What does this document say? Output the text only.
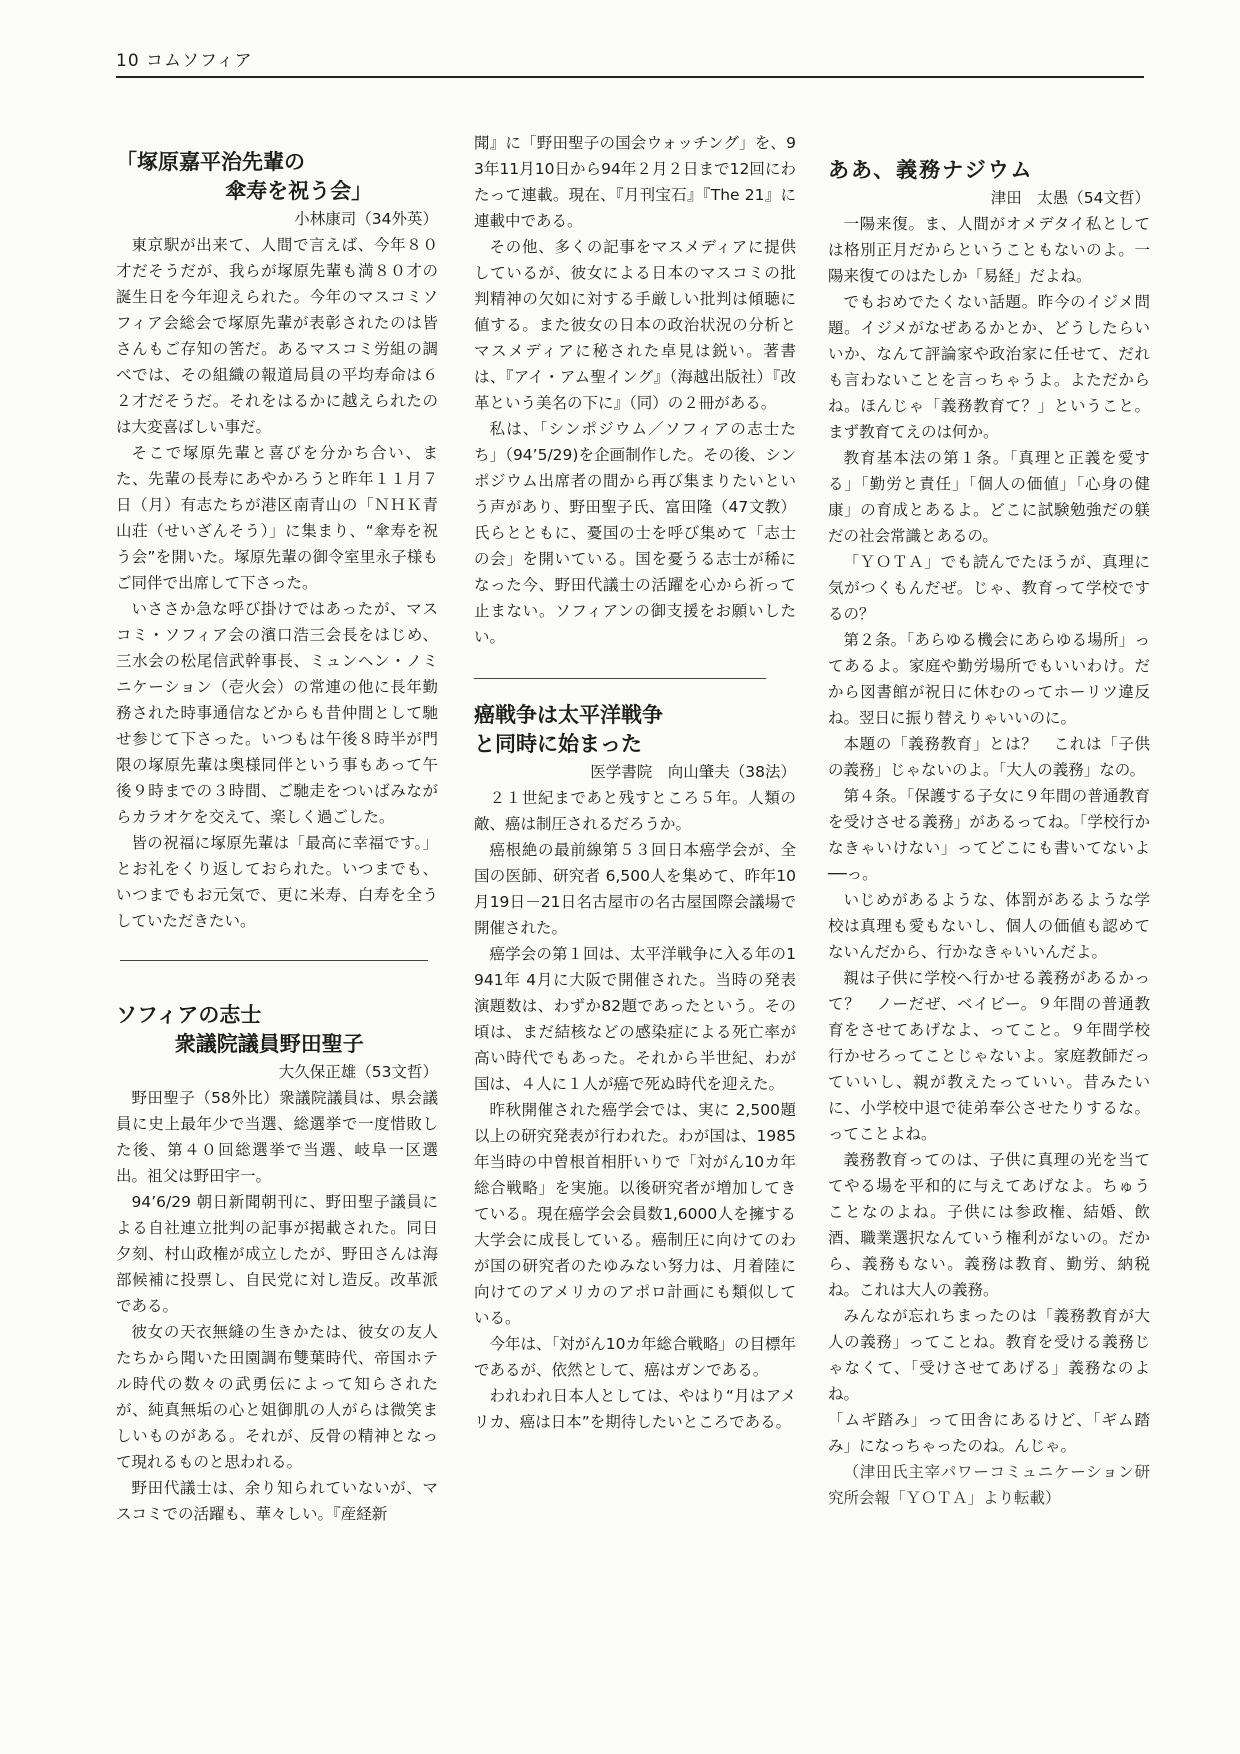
10 コムソフィア
「塚原嘉平治先輩の
傘寿を祝う会」

小林康司（34外英）

東京駅が出来て、人間で言えば、今年８０才だそうだが、我らが塚原先輩も満８０才の誕生日を今年迎えられた。今年のマスコミソフィア会総会で塚原先輩が表彰されたのは皆さんもご存知の筈だ。あるマスコミ労組の調べでは、その組織の報道局員の平均寿命は６２才だそうだ。それをはるかに越えられたのは大変喜ばしい事だ。

そこで塚原先輩と喜びを分かち合い、また、先輩の長寿にあやかろうと昨年１１月７日（月）有志たちが港区南青山の「ＮＨＫ青山荘（せいざんそう）」に集まり、“傘寿を祝う会”を開いた。塚原先輩の御令室里永子様もご同伴で出席して下さった。

いささか急な呼び掛けではあったが、マスコミ・ソフィア会の濱口浩三会長をはじめ、三水会の松尾信武幹事長、ミュンヘン・ノミニケーション（壱火会）の常連の他に長年勤務された時事通信などからも昔仲間として馳せ参じて下さった。いつもは午後８時半が門限の塚原先輩は奥様同伴という事もあって午後９時までの３時間、ご馳走をついばみながらカラオケを交えて、楽しく過ごした。

皆の祝福に塚原先輩は「最高に幸福です。」とお礼をくり返しておられた。いつまでも、いつまでもお元気で、更に米寿、白寿を全うしていただきたい。

ソフィアの志士
衆議院議員野田聖子

大久保正雄（53文哲）

野田聖子（58外比）衆議院議員は、県会議員に史上最年少で当選、総選挙で一度惜敗した後、第４０回総選挙で当選、岐阜一区選出。祖父は野田宇一。

94’6/29 朝日新聞朝刊に、野田聖子議員による自社連立批判の記事が掲載された。同日夕刻、村山政権が成立したが、野田さんは海部候補に投票し、自民党に対し造反。改革派である。

彼女の天衣無縫の生きかたは、彼女の友人たちから聞いた田園調布雙葉時代、帝国ホテル時代の数々の武勇伝によって知らされたが、純真無垢の心と姐御肌の人がらは微笑ましいものがある。それが、反骨の精神となって現れるものと思われる。

野田代議士は、余り知られていないが、マスコミでの活躍も、華々しい。『産経新

聞』に「野田聖子の国会ウォッチング」を、93年11月10日から94年２月２日まで12回にわたって連載。現在、『月刊宝石』『The 21』に連載中である。

その他、多くの記事をマスメディアに提供しているが、彼女による日本のマスコミの批判精神の欠如に対する手厳しい批判は傾聴に値する。また彼女の日本の政治状況の分析とマスメディアに秘された卓見は鋭い。著書は、『アイ・アム聖イング』（海越出版社）『改革という美名の下に』（同）の２冊がある。

私は、「シンポジウム／ソフィアの志士たち」（94’5/29)を企画制作した。その後、シンポジウム出席者の間から再び集まりたいという声があり、野田聖子氏、富田隆（47文教）氏らとともに、憂国の士を呼び集めて「志士の会」を開いている。国を憂うる志士が稀になった今、野田代議士の活躍を心から祈って止まない。ソフィアンの御支援をお願いしたい。

癌戦争は太平洋戦争
と同時に始まった

医学書院　向山肇夫（38法）

２１世紀まであと残すところ５年。人類の敵、癌は制圧されるだろうか。

癌根絶の最前線第５３回日本癌学会が、全国の医師、研究者 6,500人を集めて、昨年10月19日－21日名古屋市の名古屋国際会議場で開催された。

癌学会の第１回は、太平洋戦争に入る年の1941年 4月に大阪で開催された。当時の発表演題数は、わずか82題であったという。その頃は、まだ結核などの感染症による死亡率が高い時代でもあった。それから半世紀、わが国は、４人に１人が癌で死ぬ時代を迎えた。

昨秋開催された癌学会では、実に 2,500題以上の研究発表が行われた。わが国は、1985年当時の中曽根首相肝いりで「対がん10カ年総合戦略」を実施。以後研究者が増加してきている。現在癌学会会員数1,6000人を擁する大学会に成長している。癌制圧に向けてのわが国の研究者のたゆみない努力は、月着陸に向けてのアメリカのアポロ計画にも類似している。

今年は、「対がん10カ年総合戦略」の目標年であるが、依然として、癌はガンである。

われわれ日本人としては、やはり“月はアメリカ、癌は日本”を期待したいところである。

ああ、義務ナジウム

津田　太愚（54文哲）

一陽来復。ま、人間がオメデタイ私としては格別正月だからということもないのよ。一陽来復てのはたしか「易経」だよね。

でもおめでたくない話題。昨今のイジメ問題。イジメがなぜあるかとか、どうしたらいいか、なんて評論家や政治家に任せて、だれも言わないことを言っちゃうよ。よただからね。ほんじゃ「義務教育て？」ということ。まず教育てえのは何か。

教育基本法の第１条。「真理と正義を愛する」「勤労と責任」「個人の価値」「心身の健康」の育成とあるよ。どこに試験勉強だの躾だの社会常識とあるの。

「ＹＯＴＡ」でも読んでたほうが、真理に気がつくもんだぜ。じゃ、教育って学校でするの？

第２条。「あらゆる機会にあらゆる場所」ってあるよ。家庭や勤労場所でもいいわけ。だから図書館が祝日に休むのってホーリツ違反ね。翌日に振り替えりゃいいのに。

本題の「義務教育」とは？　これは「子供の義務」じゃないのよ。「大人の義務」なの。

第４条。「保護する子女に９年間の普通教育を受けさせる義務」があるってね。「学校行かなきゃいけない」ってどこにも書いてないよ ──っ。

いじめがあるような、体罰があるような学校は真理も愛もないし、個人の価値も認めてないんだから、行かなきゃいいんだよ。

親は子供に学校へ行かせる義務があるかって？　ノーだぜ、ベイビー。９年間の普通教育をさせてあげなよ、ってこと。９年間学校行かせろってことじゃないよ。家庭教師だっていいし、親が教えたっていい。昔みたいに、小学校中退で徒弟奉公させたりするな。ってことよね。

義務教育ってのは、子供に真理の光を当ててやる場を平和的に与えてあげなよ。ちゅうことなのよね。子供には参政権、結婚、飲酒、職業選択なんていう権利がないの。だから、義務もない。義務は教育、勤労、納税ね。これは大人の義務。

みんなが忘れちまったのは「義務教育が大人の義務」ってことね。教育を受ける義務じゃなくて、「受けさせてあげる」義務なのよね。

「ムギ踏み」って田舎にあるけど、「ギム踏み」になっちゃったのね。んじゃ。

（津田氏主宰パワーコミュニケーション研究所会報「ＹＯＴＡ」より転載）
